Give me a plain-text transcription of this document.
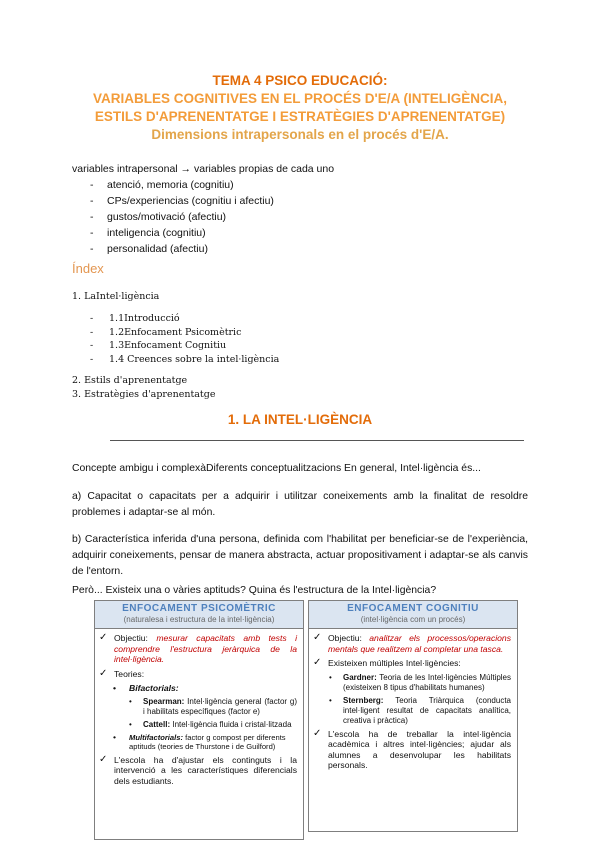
TEMA 4 PSICO EDUCACIÓ:
VARIABLES COGNITIVES EN EL PROCÉS D'E/A (INTELIGÈNCIA,
ESTILS D'APRENENTATGE I ESTRATÈGIES D'APRENENTATGE)
Dimensions intrapersonals en el procés d'E/A.
variables intrapersonal → variables propias de cada uno
- atenció, memoria (cognitiu)
- CPs/experiencias (cognitiu i afectiu)
- gustos/motivació (afectiu)
- inteligencia (cognitiu)
- personalidad (afectiu)
Índex
1. LaIntel·ligència
- 1.1Introducció
- 1.2Enfocament Psicomètric
- 1.3Enfocament Cognitiu
- 1.4 Creences sobre la intel·ligència
2. Estils d'aprenentatge
3. Estratègies d'aprenentatge
1. LA INTEL·LIGÈNCIA
Concepte ambigu i complexàDiferents conceptualitzacions En general, Intel·ligència és...
a) Capacitat o capacitats per a adquirir i utilitzar coneixements amb la finalitat de resoldre problemes i adaptar-se al món.
b) Característica inferida d'una persona, definida com l'habilitat per beneficiar-se de l'experiència, adquirir coneixements, pensar de manera abstracta, actuar propositivament i adaptar-se als canvis de l'entorn.
Però... Existeix una o vàries aptituds? Quina és l'estructura de la Intel·ligència?
ENFOCAMENT PSICOMÈTRIC
(naturalesa i estructura de la intel·ligència)
✓ Objectiu: mesurar capacitats amb tests i comprendre l'estructura jeràrquica de la intel·ligència.
✓ Teories:
• Bifactorials:
• Spearman: Intel·ligència general (factor g) i habilitats específiques (factor e)
• Cattell: Intel·ligència fluida i cristal·litzada
• Multifactorials: factor g compost per diferents aptituds (teories de Thurstone i de Guilford)
✓ L'escola ha d'ajustar els continguts i la intervenció a les característiques diferencials dels estudiants.
ENFOCAMENT COGNITIU
(intel·ligència com un procés)
✓ Objectiu: analitzar els processos/operacions mentals que realitzem al completar una tasca.
✓ Existeixen múltiples Intel·ligències:
• Gardner: Teoria de les Intel·ligències Múltiples (existeixen 8 tipus d'habilitats humanes)
• Sternberg: Teoria Triàrquica (conducta intel·ligent resultat de capacitats analítica, creativa i pràctica)
✓ L'escola ha de treballar la intel·ligència acadèmica i altres intel·ligències; ajudar als alumnes a desenvolupar les habilitats personals.
